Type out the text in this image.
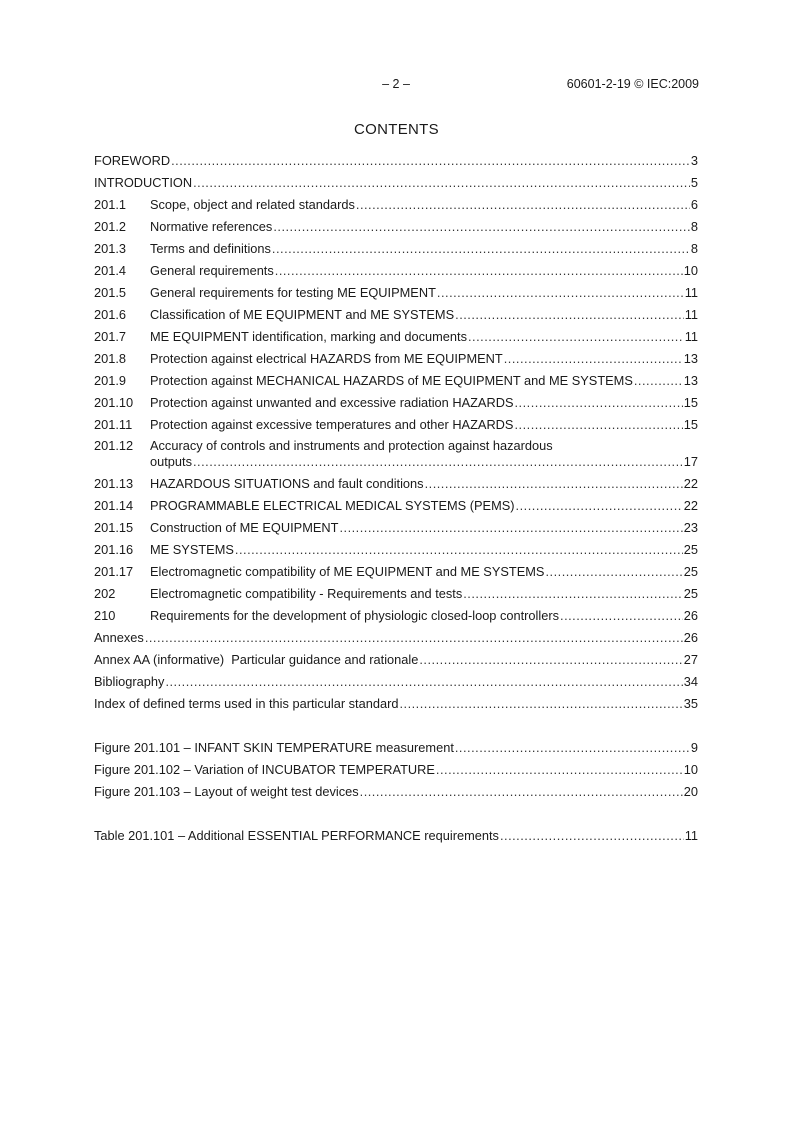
– 2 –	60601-2-19 © IEC:2009
CONTENTS
FOREWORD .....	3
INTRODUCTION .....	5
201.1	Scope, object and related standards .....	6
201.2	Normative references .....	8
201.3	Terms and definitions .....	8
201.4	General requirements .....	10
201.5	General requirements for testing ME EQUIPMENT .....	11
201.6	Classification of ME EQUIPMENT and ME SYSTEMS .....	11
201.7	ME EQUIPMENT identification, marking and documents .....	11
201.8	Protection against electrical HAZARDS from ME EQUIPMENT .....	13
201.9	Protection against MECHANICAL HAZARDS of ME EQUIPMENT and ME SYSTEMS .....	13
201.10	Protection against unwanted and excessive radiation HAZARDS .....	15
201.11	Protection against excessive temperatures and other HAZARDS .....	15
201.12	Accuracy of controls and instruments and protection against hazardous
outputs .....	17
201.13	HAZARDOUS SITUATIONS and fault conditions .....	22
201.14	PROGRAMMABLE ELECTRICAL MEDICAL SYSTEMS (PEMS) .....	22
201.15	Construction of ME EQUIPMENT .....	23
201.16	ME SYSTEMS .....	25
201.17	Electromagnetic compatibility of ME EQUIPMENT and ME SYSTEMS .....	25
202	Electromagnetic compatibility - Requirements and tests .....	25
210	Requirements for the development of physiologic closed-loop controllers .....	26
Annexes .....	26
Annex AA (informative)  Particular guidance and rationale .....	27
Bibliography .....	34
Index of defined terms used in this particular standard .....	35
Figure 201.101 – INFANT SKIN TEMPERATURE measurement .....	9
Figure 201.102 – Variation of INCUBATOR TEMPERATURE .....	10
Figure 201.103 – Layout of weight test devices .....	20
Table 201.101 – Additional ESSENTIAL PERFORMANCE requirements .....	11
